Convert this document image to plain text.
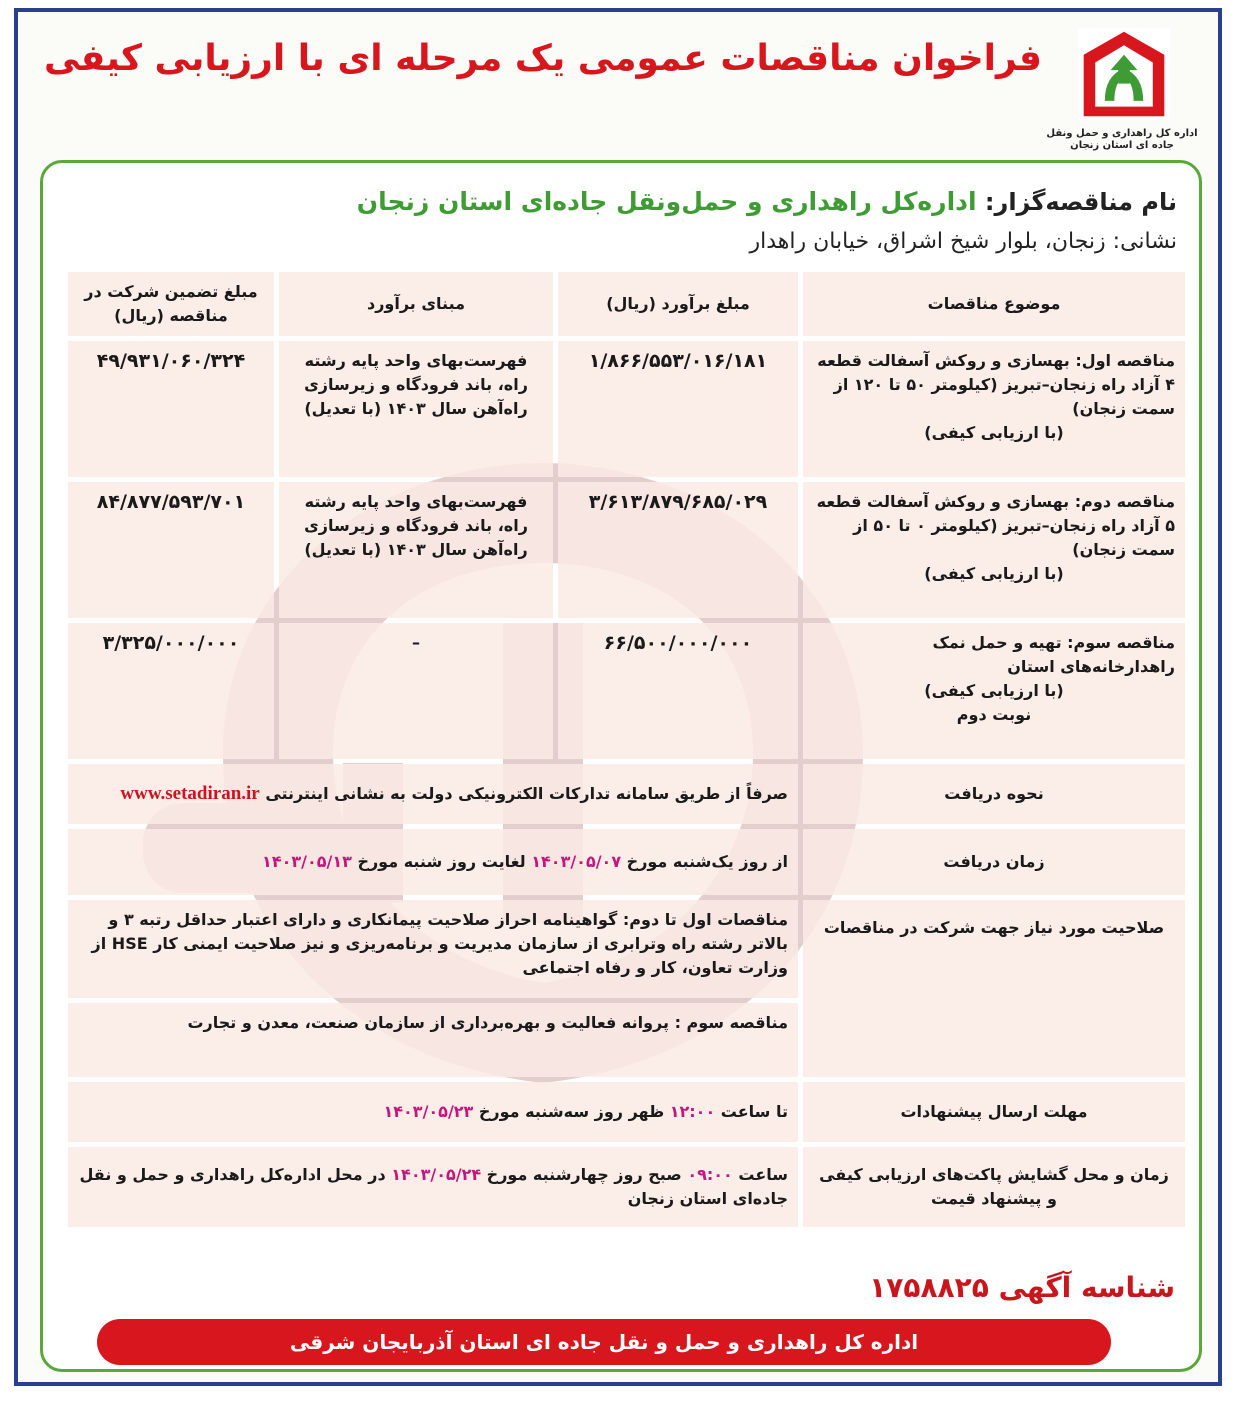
اداره کل راهداری و حمل ونقل جاده ای استان زنجان
فراخوان مناقصات عمومی یک مرحله ای با ارزیابی کیفی
نام مناقصه‌گزار: اداره‌کل راهداری و حمل‌ونقل جاده‌ای استان زنجان
نشانی: زنجان، بلوار شیخ اشراق، خیابان راهدار
موضوع مناقصات	مبلغ برآورد (ریال)	مبنای برآورد	مبلغ تضمین شرکت در مناقصه (ریال)

مناقصه اول: بهسازی و روکش آسفالت قطعه ۴ آزاد راه زنجان–تبریز (کیلومتر ۵۰ تا ۱۲۰ از سمت زنجان)
(با ارزیابی کیفی)	۱/۸۶۶/۵۵۳/۰۱۶/۱۸۱	فهرست‌بهای واحد پایه رشته راه، باند فرودگاه و زیرسازی راه‌آهن سال ۱۴۰۳ (با تعدیل)	۴۹/۹۳۱/۰۶۰/۳۲۴

مناقصه دوم: بهسازی و روکش آسفالت قطعه ۵ آزاد راه زنجان–تبریز (کیلومتر ۰ تا ۵۰ از سمت زنجان)
(با ارزیابی کیفی)	۳/۶۱۳/۸۷۹/۶۸۵/۰۲۹	فهرست‌بهای واحد پایه رشته راه، باند فرودگاه و زیرسازی راه‌آهن سال ۱۴۰۳ (با تعدیل)	۸۴/۸۷۷/۵۹۳/۷۰۱

مناقصه سوم: تهیه و حمل نمک راهدارخانه‌های استان
(با ارزیابی کیفی)
نوبت دوم	۶۶/۵۰۰/۰۰۰/۰۰۰	–	۳/۳۲۵/۰۰۰/۰۰۰
نحوه دریافت	صرفاً از طریق سامانه تدارکات الکترونیکی دولت به نشانی اینترنتی www.setadiran.ir		
زمان دریافت	از روز یک‌شنبه مورخ ۱۴۰۳/۰۵/۰۷ لغایت روز شنبه مورخ ۱۴۰۳/۰۵/۱۳		
صلاحیت مورد نیاز جهت شرکت در مناقصات	مناقصات اول تا دوم: گواهینامه احراز صلاحیت پیمانکاری و دارای اعتبار حداقل رتبه ۳ و بالاتر رشته راه وترابری از سازمان مدیریت و برنامه‌ریزی و نیز صلاحیت ایمنی کار HSE از وزارت تعاون، کار و رفاه اجتماعی		
	مناقصه سوم : پروانه فعالیت و بهره‌برداری از سازمان صنعت، معدن و تجارت		
مهلت ارسال پیشنهادات	تا ساعت ۱۲:۰۰ ظهر روز سه‌شنبه مورخ ۱۴۰۳/۰۵/۲۳		
زمان و محل گشایش پاکت‌های ارزیابی کیفی و پیشنهاد قیمت	ساعت ۰۹:۰۰ صبح روز چهارشنبه مورخ ۱۴۰۳/۰۵/۲۴ در محل اداره‌کل راهداری و حمل و نقل جاده‌ای استان زنجان		
شناسه آگهی ۱۷۵۸۸۲۵
اداره کل راهداری و حمل و نقل جاده ای استان آذربایجان شرقی
